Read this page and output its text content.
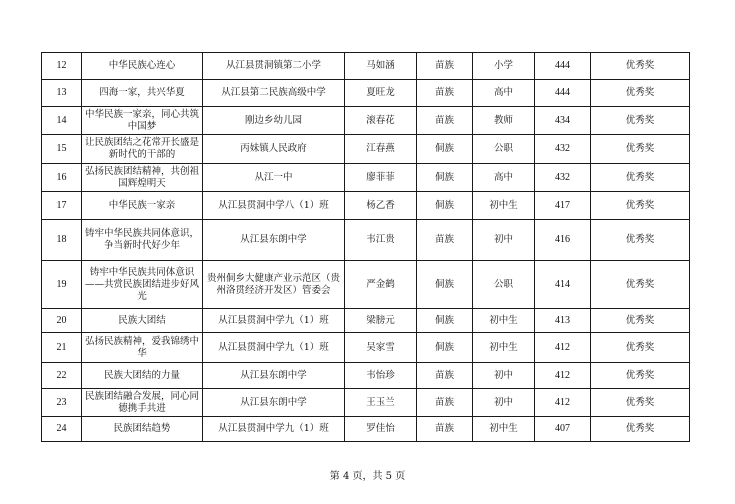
12	中华民族心连心	从江县贯洞镇第二小学	马如涵	苗族	小学	444	优秀奖
13	四海一家，共兴华夏	从江县第二民族高级中学	夏旺龙	苗族	高中	444	优秀奖
14	中华民族一家亲，同心共筑中国梦	刚边乡幼儿园	滚春花	苗族	教师	434	优秀奖
15	让民族团结之花常开长盛是新时代的干部的	丙妹镇人民政府	江春燕	侗族	公职	432	优秀奖
16	弘扬民族团结精神，共创祖国辉煌明天	从江一中	廖菲菲	侗族	高中	432	优秀奖
17	中华民族一家亲	从江县贯洞中学八（1）班	杨乙香	侗族	初中生	417	优秀奖
18	铸牢中华民族共同体意识，争当新时代好少年	从江县东朗中学	韦江贵	苗族	初中	416	优秀奖
19	铸牢中华民族共同体意识——共赏民族团结进步好风光	贵州侗乡大健康产业示范区（贵州洛贯经济开发区）管委会	严金鹤	侗族	公职	414	优秀奖
20	民族大团结	从江县贯洞中学九（1）班	梁膀元	侗族	初中生	413	优秀奖
21	弘扬民族精神，爱我锦绣中华	从江县贯洞中学九（1）班	吴家雪	侗族	初中生	412	优秀奖
22	民族大团结的力量	从江县东朗中学	韦怡珍	苗族	初中	412	优秀奖
23	民族团结融合发展，同心同德携手共进	从江县东朗中学	王玉兰	苗族	初中	412	优秀奖
24	民族团结趋势	从江县贯洞中学九（1）班	罗佳怡	苗族	初中生	407	优秀奖
第 4 页，共 5 页
